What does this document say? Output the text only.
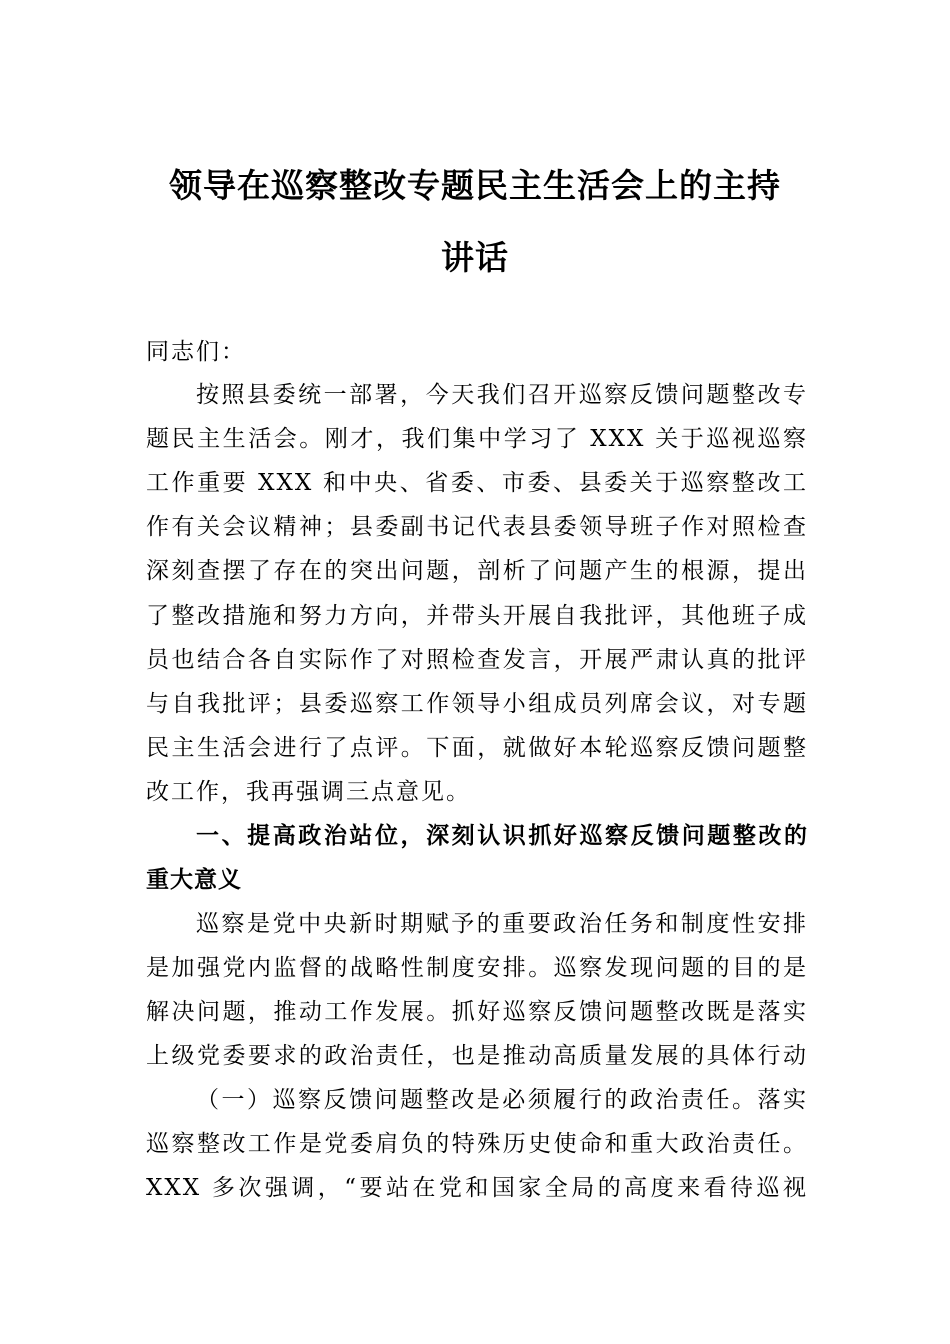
领导在巡察整改专题民主生活会上的主持
讲话
同志们：
按照县委统一部署，今天我们召开巡察反馈问题整改专
题民主生活会。刚才，我们集中学习了 XXX 关于巡视巡察
工作重要 XXX 和中央、省委、市委、县委关于巡察整改工
作有关会议精神；县委副书记代表县委领导班子作对照检查
深刻查摆了存在的突出问题，剖析了问题产生的根源，提出
了整改措施和努力方向，并带头开展自我批评，其他班子成
员也结合各自实际作了对照检查发言，开展严肃认真的批评
与自我批评；县委巡察工作领导小组成员列席会议，对专题
民主生活会进行了点评。下面，就做好本轮巡察反馈问题整
改工作，我再强调三点意见。
一、提高政治站位，深刻认识抓好巡察反馈问题整改的
重大意义
巡察是党中央新时期赋予的重要政治任务和制度性安排
是加强党内监督的战略性制度安排。巡察发现问题的目的是
解决问题，推动工作发展。抓好巡察反馈问题整改既是落实
上级党委要求的政治责任，也是推动高质量发展的具体行动
（一）巡察反馈问题整改是必须履行的政治责任。落实
巡察整改工作是党委肩负的特殊历史使命和重大政治责任。
XXX 多次强调，“要站在党和国家全局的高度来看待巡视
